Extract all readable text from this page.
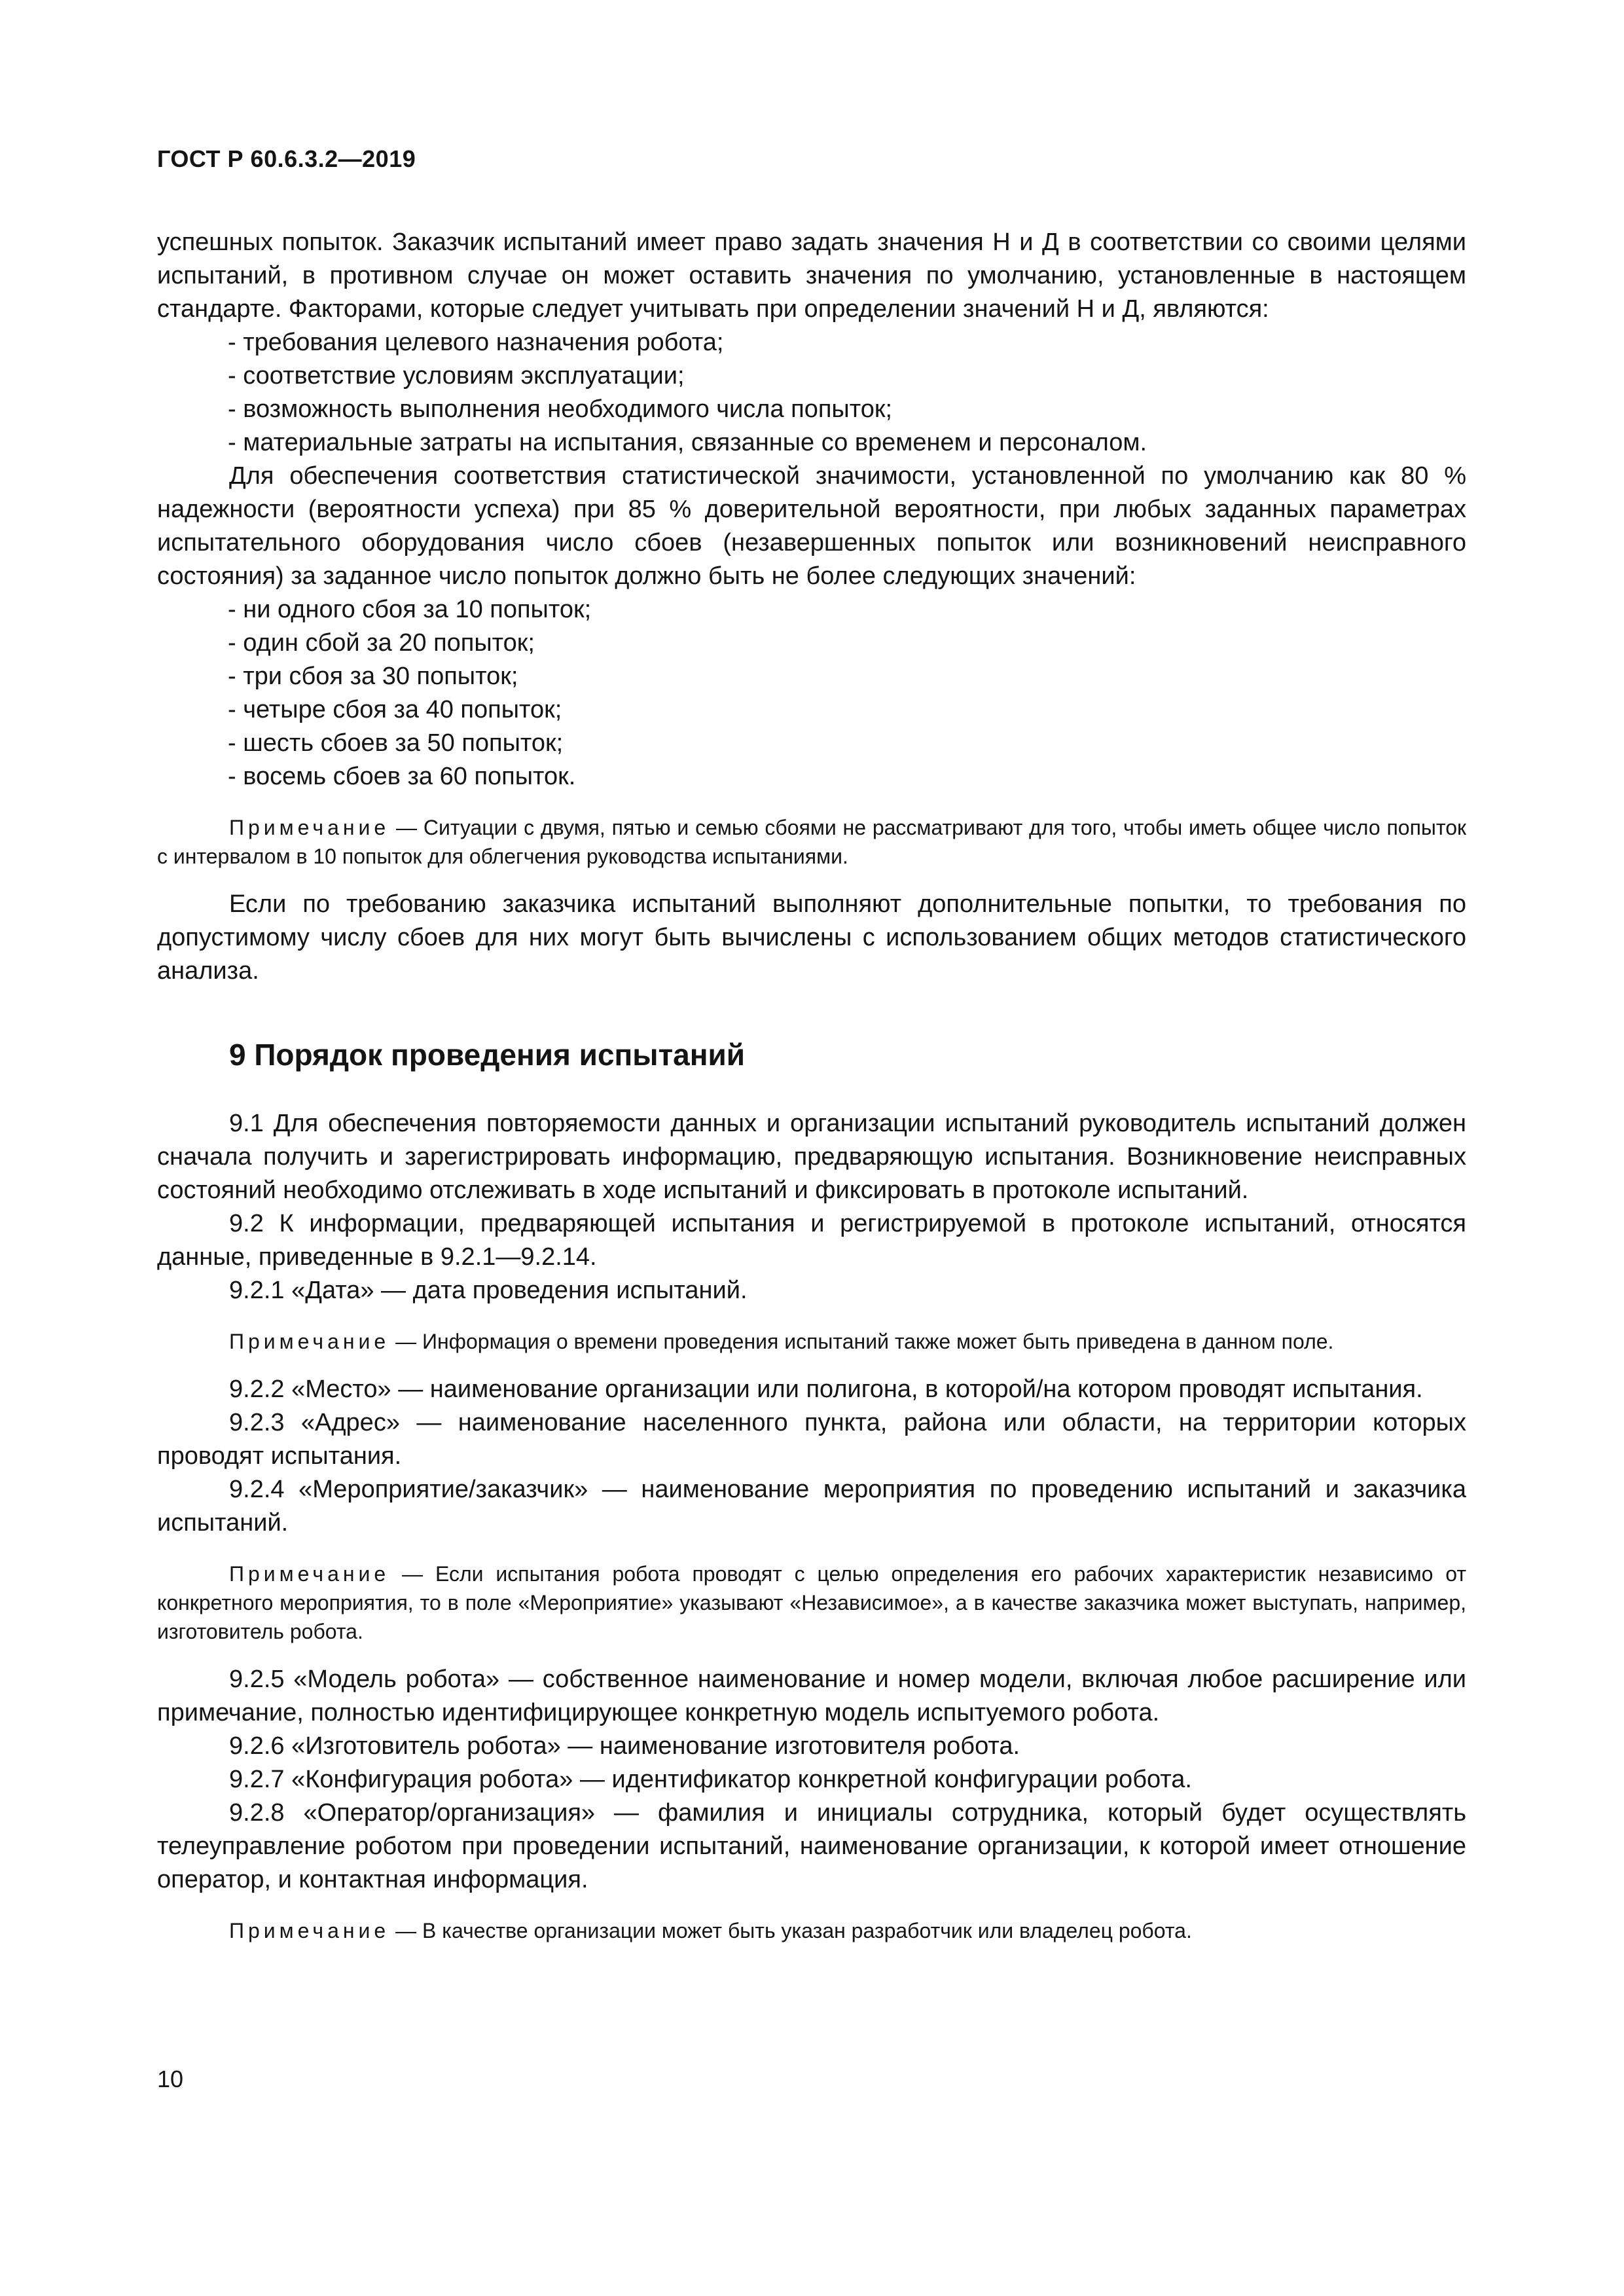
ГОСТ Р 60.6.3.2—2019

успешных попыток. Заказчик испытаний имеет право задать значения Н и Д в соответствии со своими целями испытаний, в противном случае он может оставить значения по умолчанию, установленные в настоящем стандарте. Факторами, которые следует учитывать при определении значений Н и Д, являются:

- требования целевого назначения робота;
- соответствие условиям эксплуатации;
- возможность выполнения необходимого числа попыток;
- материальные затраты на испытания, связанные со временем и персоналом.

Для обеспечения соответствия статистической значимости, установленной по умолчанию как 80 % надежности (вероятности успеха) при 85 % доверительной вероятности, при любых заданных параметрах испытательного оборудования число сбоев (незавершенных попыток или возникновений неисправного состояния) за заданное число попыток должно быть не более следующих значений:

- ни одного сбоя за 10 попыток;
- один сбой за 20 попыток;
- три сбоя за 30 попыток;
- четыре сбоя за 40 попыток;
- шесть сбоев за 50 попыток;
- восемь сбоев за 60 попыток.

Примечание — Ситуации с двумя, пятью и семью сбоями не рассматривают для того, чтобы иметь общее число попыток с интервалом в 10 попыток для облегчения руководства испытаниями.

Если по требованию заказчика испытаний выполняют дополнительные попытки, то требования по допустимому числу сбоев для них могут быть вычислены с использованием общих методов статистического анализа.

9 Порядок проведения испытаний

9.1 Для обеспечения повторяемости данных и организации испытаний руководитель испытаний должен сначала получить и зарегистрировать информацию, предваряющую испытания. Возникновение неисправных состояний необходимо отслеживать в ходе испытаний и фиксировать в протоколе испытаний.

9.2 К информации, предваряющей испытания и регистрируемой в протоколе испытаний, относятся данные, приведенные в 9.2.1—9.2.14.

9.2.1 «Дата» — дата проведения испытаний.

Примечание — Информация о времени проведения испытаний также может быть приведена в данном поле.

9.2.2 «Место» — наименование организации или полигона, в которой/на котором проводят испытания.

9.2.3 «Адрес» — наименование населенного пункта, района или области, на территории которых проводят испытания.

9.2.4 «Мероприятие/заказчик» — наименование мероприятия по проведению испытаний и заказчика испытаний.

Примечание — Если испытания робота проводят с целью определения его рабочих характеристик независимо от конкретного мероприятия, то в поле «Мероприятие» указывают «Независимое», а в качестве заказчика может выступать, например, изготовитель робота.

9.2.5 «Модель робота» — собственное наименование и номер модели, включая любое расширение или примечание, полностью идентифицирующее конкретную модель испытуемого робота.

9.2.6 «Изготовитель робота» — наименование изготовителя робота.

9.2.7 «Конфигурация робота» — идентификатор конкретной конфигурации робота.

9.2.8 «Оператор/организация» — фамилия и инициалы сотрудника, который будет осуществлять телеуправление роботом при проведении испытаний, наименование организации, к которой имеет отношение оператор, и контактная информация.

Примечание — В качестве организации может быть указан разработчик или владелец робота.

10
